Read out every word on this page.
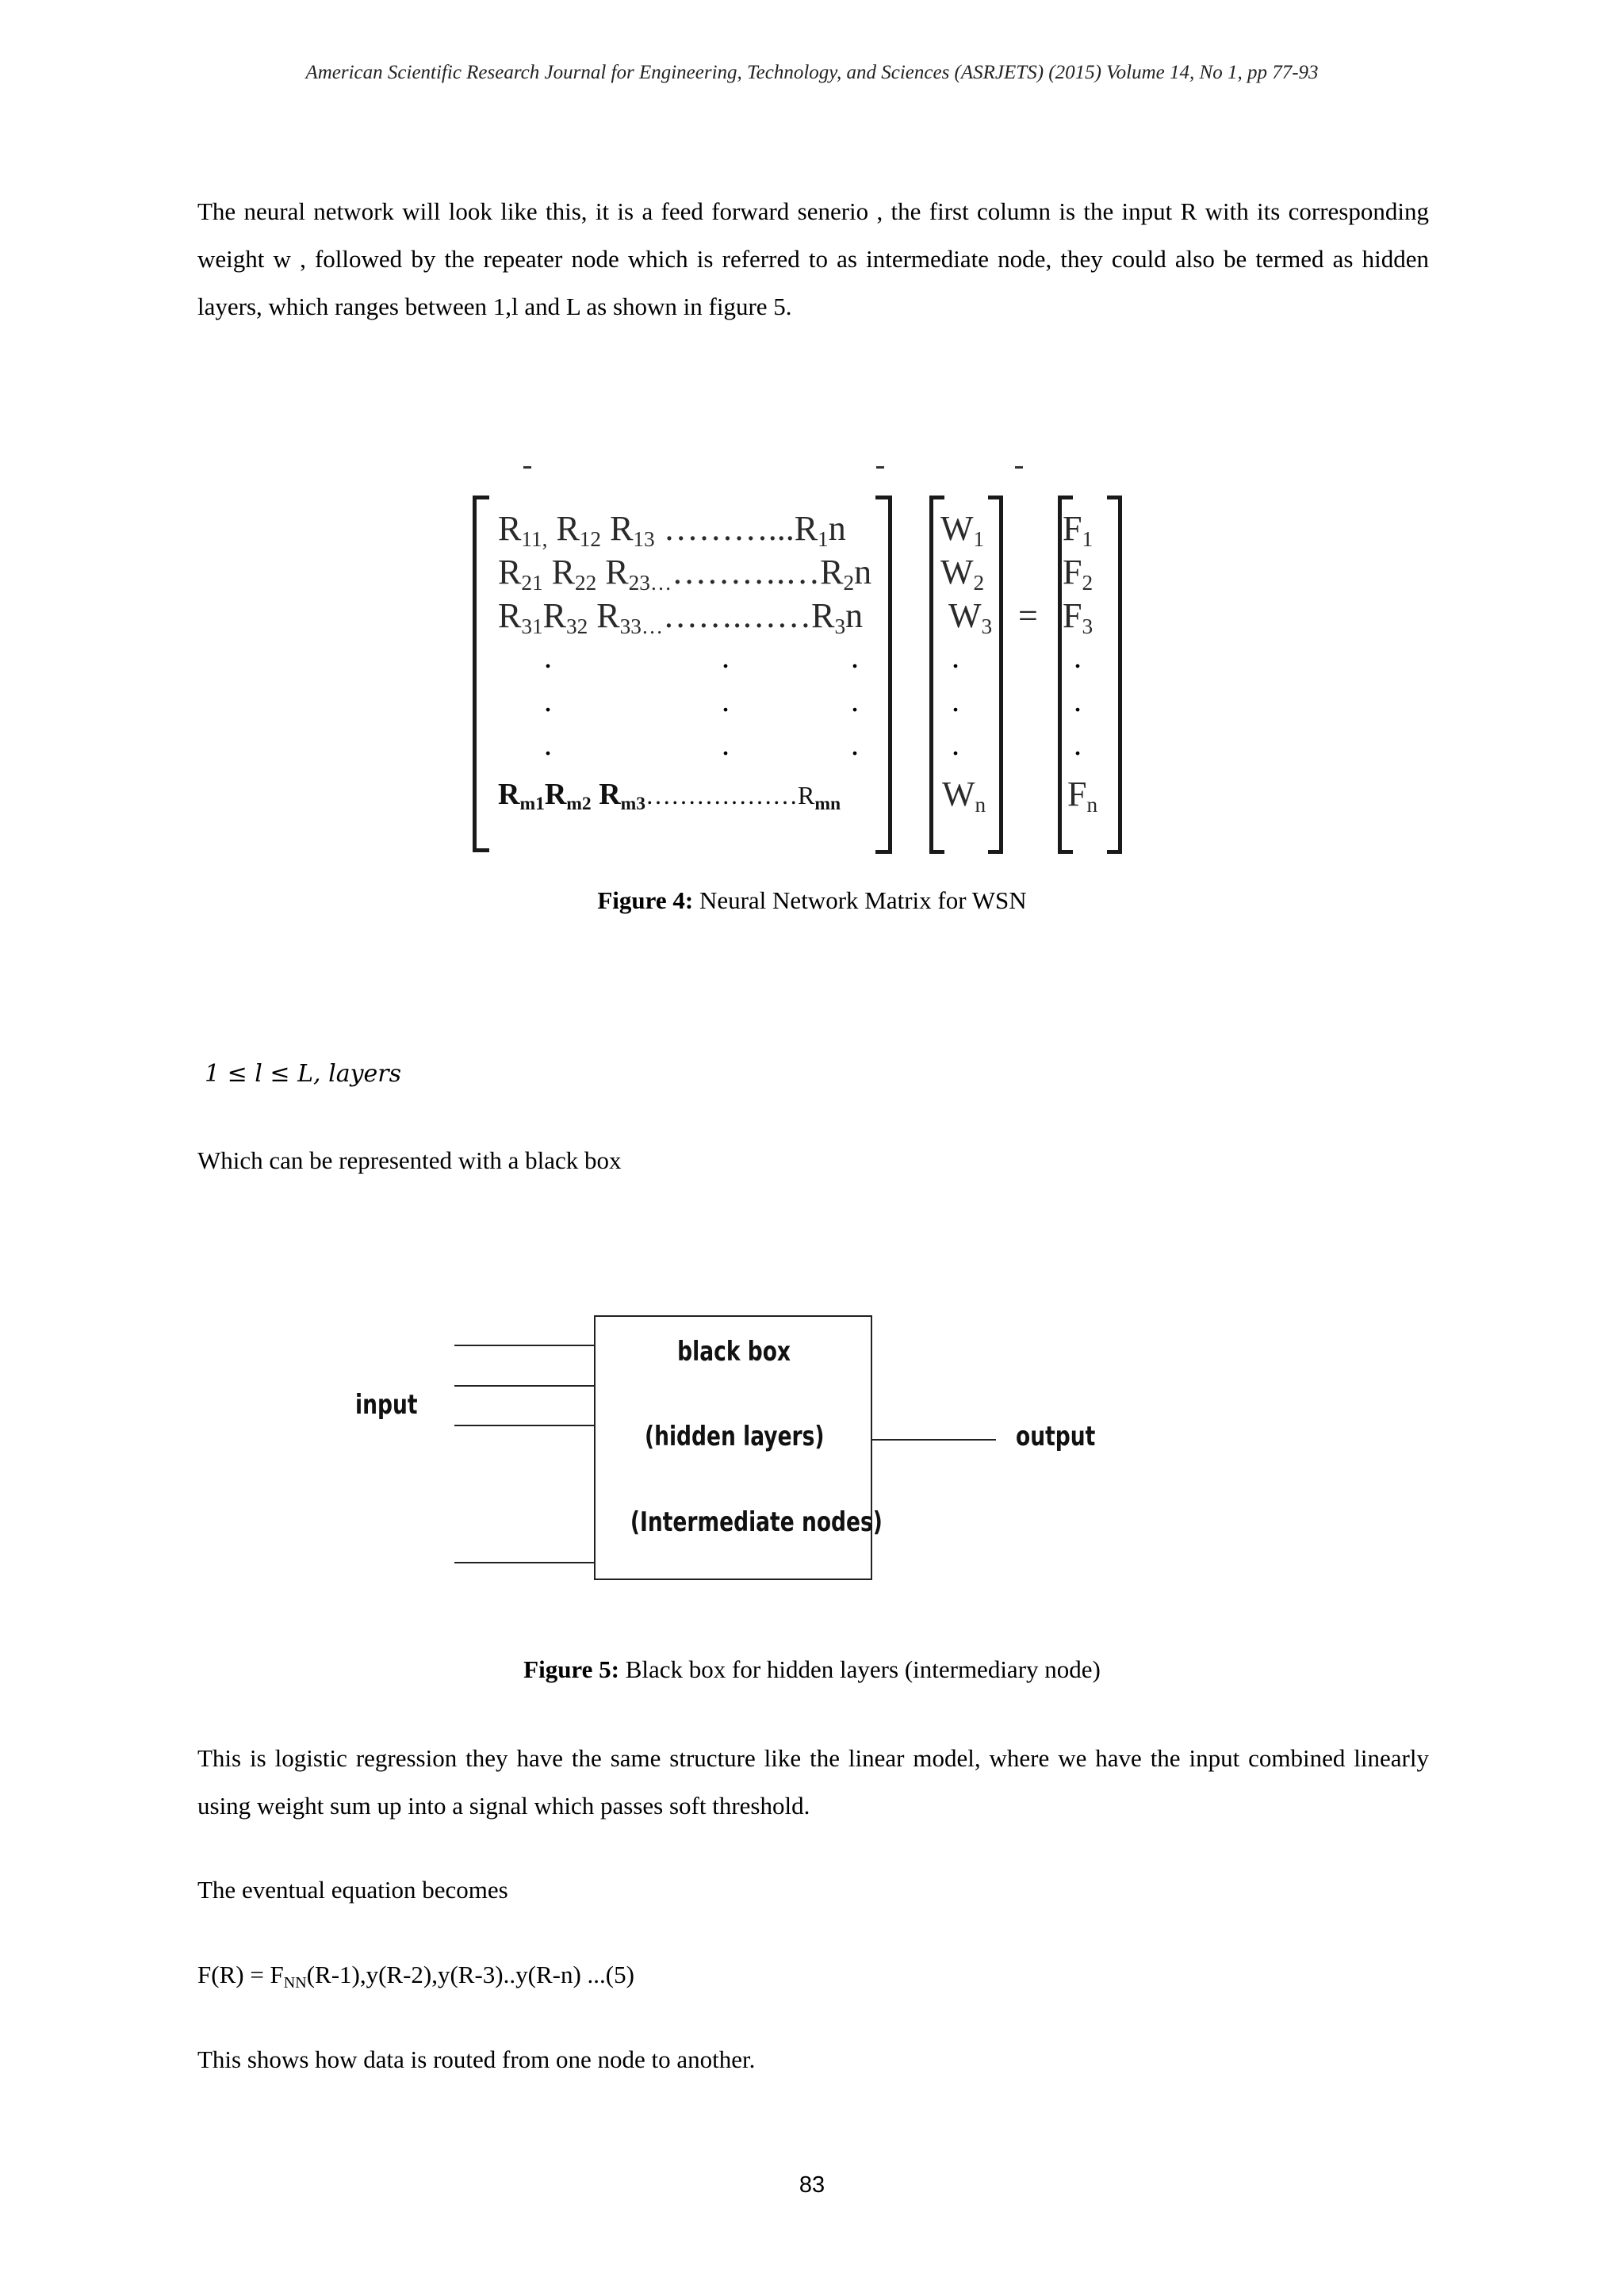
American Scientific Research Journal for Engineering, Technology, and Sciences (ASRJETS) (2015) Volume 14, No 1, pp 77-93
The neural network will look like this, it is a feed forward senerio , the first column is the input R with its corresponding weight w , followed by the repeater node which is referred to as intermediate node, they could also be termed as hidden layers, which ranges between 1,l and L as shown in figure 5.
$R_{11,}$ $R_{12}$ $R_{13}$ $\dots\dots\dots...R_1n$
$R_{21}$ $R_{22}$ $R_{23\dots}\dots\dots\dots.\dots R_2n$
$R_{31}R_{32}$ $R_{33\dots}\dots\dots.\dots\dots R_3n$
.
.
.
.
.
.
.
.
.
$R_{m1}R_{m2}$ $R_{m3}\dots\dots\dots\dots\dots\dots R_{mn}$
$W_1$
$W_2$
$W_3$
.
.
.
$W_n$
=
$F_1$
$F_2$
$F_3$
.
.
.
$F_n$
Figure 4: Neural Network Matrix for WSN
1 ≤ l ≤ L, layers
Which can be represented with a black box
input
black box
(hidden layers)
(Intermediate nodes)
output
Figure 5: Black box for hidden layers (intermediary node)
This is logistic regression they have the same structure like the linear model, where we have the input combined linearly using weight sum up into a signal which passes soft threshold.
The eventual equation becomes
F(R) = FNN(R-1),y(R-2),y(R-3)..y(R-n) ...(5)
This shows how data is routed from one node to another.
83
